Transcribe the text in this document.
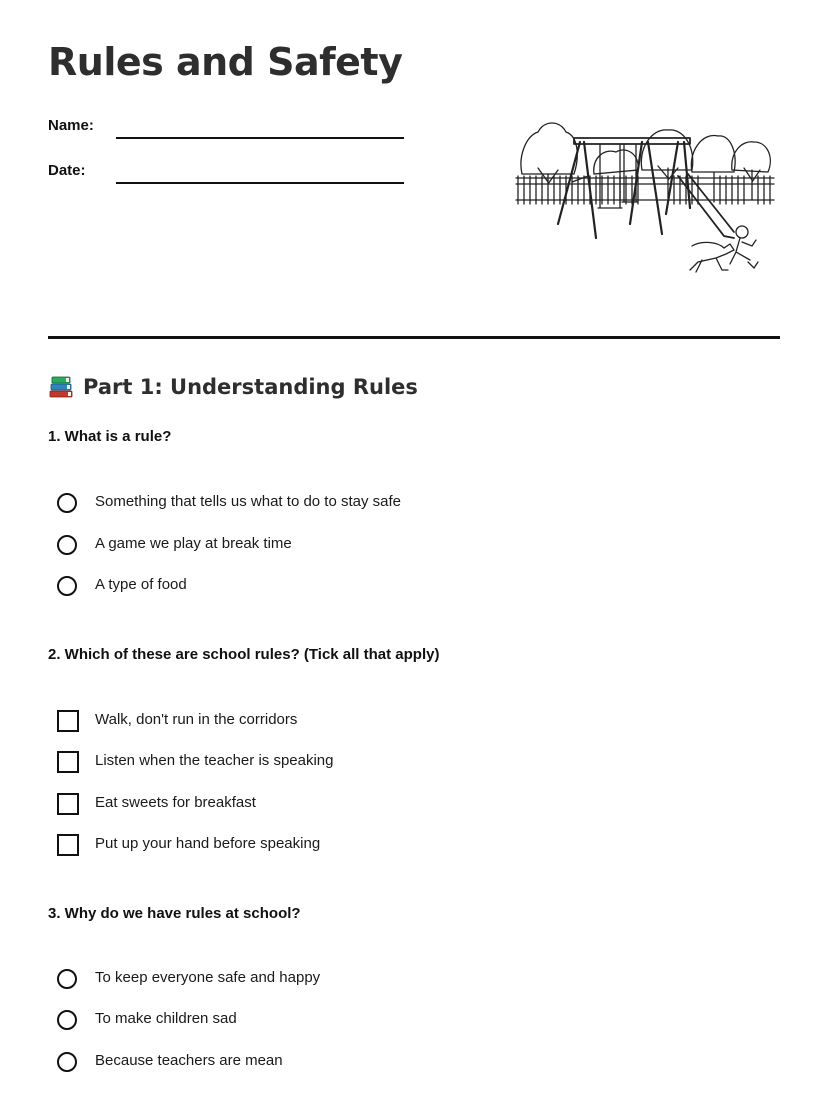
Rules and Safety
Name:
Date:
Part 1: Understanding Rules

1. What is a rule?

Something that tells us what to do to stay safe
A game we play at break time
A type of food

2. Which of these are school rules? (Tick all that apply)

Walk, don't run in the corridors
Listen when the teacher is speaking
Eat sweets for breakfast
Put up your hand before speaking

3. Why do we have rules at school?

To keep everyone safe and happy
To make children sad
Because teachers are mean
